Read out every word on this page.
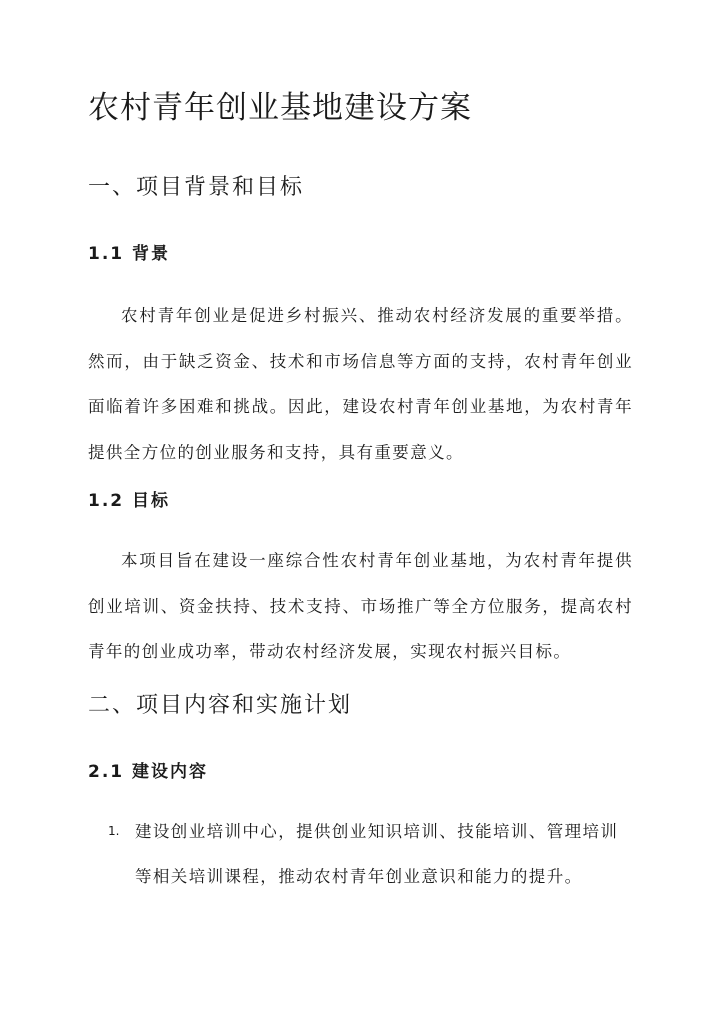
农村青年创业基地建设方案
一、项目背景和目标
1.1 背景

农村青年创业是促进乡村振兴、推动农村经济发展的重要举措。然而，由于缺乏资金、技术和市场信息等方面的支持，农村青年创业面临着许多困难和挑战。因此，建设农村青年创业基地，为农村青年提供全方位的创业服务和支持，具有重要意义。

1.2 目标

本项目旨在建设一座综合性农村青年创业基地，为农村青年提供创业培训、资金扶持、技术支持、市场推广等全方位服务，提高农村青年的创业成功率，带动农村经济发展，实现农村振兴目标。

二、项目内容和实施计划
2.1 建设内容
1. 建设创业培训中心，提供创业知识培训、技能培训、管理培训等相关培训课程，推动农村青年创业意识和能力的提升。
